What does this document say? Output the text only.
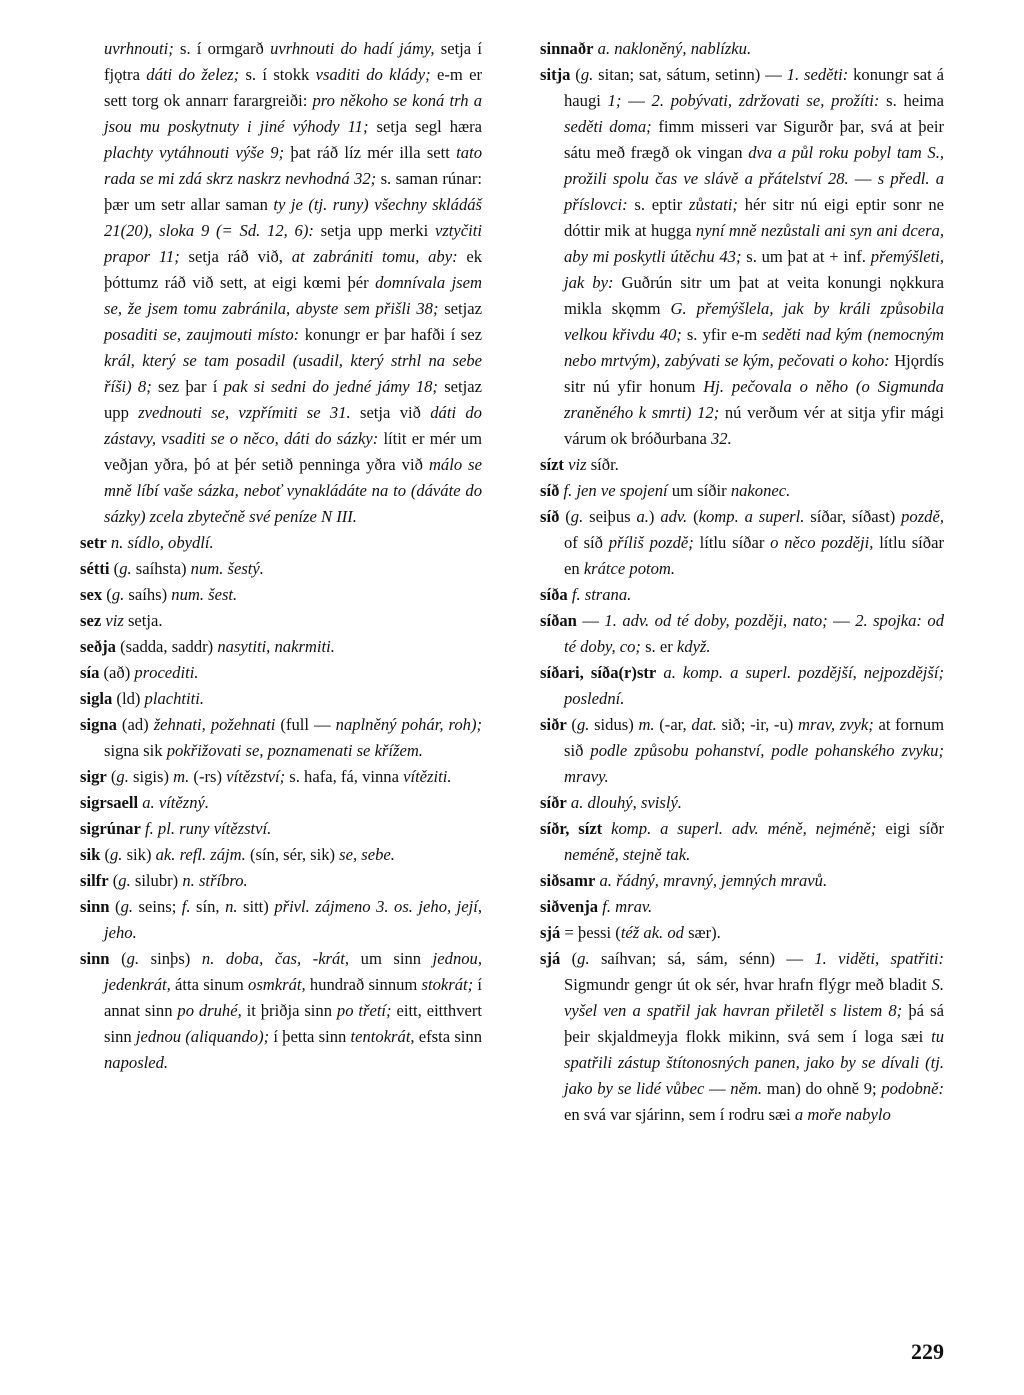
uvrhnouti; s. í ormgarð uvrhnouti do hadí jámy, setja í fjǫtra dáti do želez; s. í stokk vsaditi do klády; e-m er sett torg ok annarr farargreiði: pro někoho se koná trh a jsou mu poskytnuty i jiné výhody 11; setja segl hæra plachty vytáhnouti výše 9; þat ráð líz mér illa sett tato rada se mi zdá skrz naskrz nevhodná 32; s. saman rúnar: þær um setr allar saman ty je (tj. runy) všechny skládáš 21(20), sloka 9 (= Sd. 12, 6): setja upp merki vztyčiti prapor 11; setja ráð við, at zabrániti tomu, aby: ek þóttumz ráð við sett, at eigi kœmi þér domnívala jsem se, že jsem tomu zabránila, abyste sem přišli 38; setjaz posaditi se, zaujmouti místo: konungr er þar hafði í sez král, který se tam posadil (usadil, který strhl na sebe říši) 8; sez þar í pak si sedni do jedné jámy 18; setjaz upp zvednouti se, vzpřímiti se 31. setja við dáti do zástavy, vsaditi se o něco, dáti do sázky: lítit er mér um veðjan yðra, þó at þér setið penninga yðra við málo se mně líbí vaše sázka, neboť vynakládáte na to (dáváte do sázky) zcela zbytečně své peníze N III.

setr n. sídlo, obydlí.

sétti (g. saíhsta) num. šestý.

sex (g. saíhs) num. šest.

sez viz setja.

seðja (sadda, saddr) nasytiti, nakrmiti.

sía (að) prоcediti.

sigla (ld) plachtiti.

signa (ad) žehnati, požehnati (full — naplněný pohár, roh); signa sik pokřižovati se, poznamenati se křížem.

sigr (g. sigis) m. (-rs) vítězství; s. hafa, fá, vinna vítěziti.

sigrsaell a. vítězný.

sigrúnar f. pl. runy vítězství.

sik (g. sik) ak. refl. zájm. (sín, sér, sik) se, sebe.

silfr (g. silubr) n. stříbro.

sinn (g. seins; f. sín, n. sitt) přivl. zájmeno 3. os. jeho, její, jeho.

sinn (g. sinþs) n. doba, čas, -krát, um sinn jednou, jedenkrát, átta sinum osmkrát, hundrað sinnum stokrát; í annat sinn po druhé, it þriðja sinn po třetí; eitt, eitthvert sinn jednou (aliquando); í þetta sinn tentokrát, efsta sinn naposled.

sinnaðr a. nakloněný, nablízku.

sitja (g. sitan; sat, sátum, setinn) — 1. seděti: konungr sat á haugi 1; — 2. pobývati, zdržovati se, prožíti: s. heima seděti doma; fimm misseri var Sigurðr þar, svá at þeir sátu með frægð ok vingan dva a půl roku pobyl tam S., prožili spolu čas ve slávě a přátelství 28. — s předl. a příslovci: s. eptir zůstati; hér sitr nú eigi eptir sonr ne dóttir mik at hugga nyní mně nezůstali ani syn ani dcera, aby mi poskytli útěchu 43; s. um þat at + inf. přemýšleti, jak by: Guðrún sitr um þat at veita konungi nǫkkura mikla skǫmm G. přemýšlela, jak by králi způsobila velkou křivdu 40; s. yfir e-m seděti nad kým (nemocným nebo mrtvým), zabývati se kým, pečovati o koho: Hjǫrdís sitr nú yfir honum Hj. pečovala o něho (o Sigmunda zraněného k smrti) 12; nú verðum vér at sitja yfir mági várum ok bróðurbana 32.

sízt viz síðr.

síð f. jen ve spojení um síðir nakonec.

síð (g. seiþus a.) adv. (komp. a superl. síðar, síðast) pozdě, of síð příliš pozdě; lítlu síðar o něco později, lítlu síðar en krátce potom.

síða f. strana.

síðan — 1. adv. od té doby, později, nato; — 2. spojka: od té doby, co; s. er když.

síðari, síða(r)str a. komp. a superl. pozdější, nejpozdější; poslední.

siðr (g. sidus) m. (-ar, dat. sið; -ir, -u) mrav, zvyk; at fornum sið podle způsobu pohanství, podle pohanského zvyku; mravy.

síðr a. dlouhý, svislý.

síðr, sízt komp. a superl. adv. méně, nejméně; eigi síðr neméně, stejně tak.

siðsamr a. řádný, mravný, jemných mravů.

siðvenja f. mrav.

sjá = þessi (též ak. od sær).

sjá (g. saíhvan; sá, sám, sénn) — 1. viděti, spatřiti: Sigmundr gengr út ok sér, hvar hrafn flýgr með bladit S. vyšel ven a spatřil jak havran přiletěl s listem 8; þá sá þeir skjaldmeyja flokk mikinn, svá sem í loga sæi tu spatřili zástup štítonosných panen, jako by se dívali (tj. jako by se lidé vůbec — něm. man) do ohně 9; podobně: en svá var sjárinn, sem í rodru sæi a moře nabylo

229
